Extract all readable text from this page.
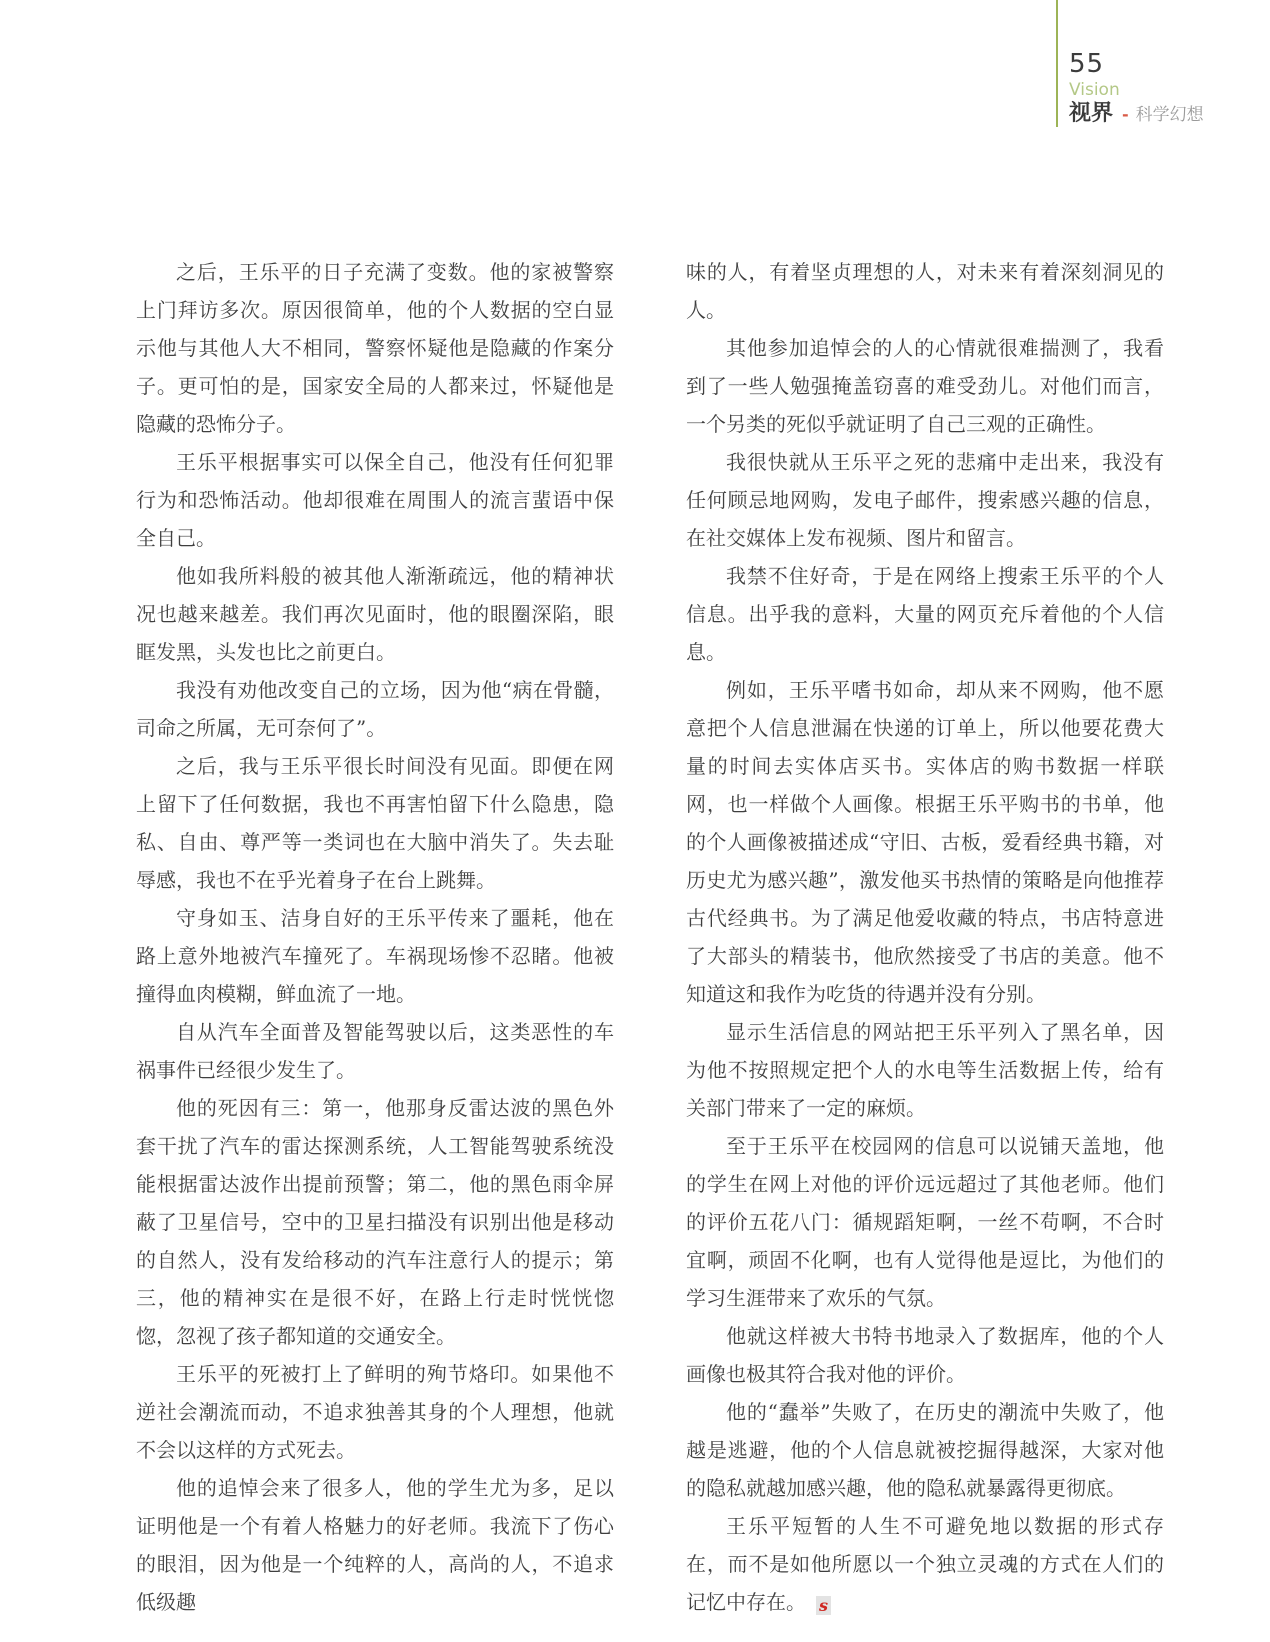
55
Vision
视界 - 科学幻想

之后，王乐平的日子充满了变数。他的家被警察上门拜访多次。原因很简单，他的个人数据的空白显示他与其他人大不相同，警察怀疑他是隐藏的作案分子。更可怕的是，国家安全局的人都来过，怀疑他是隐藏的恐怖分子。

王乐平根据事实可以保全自己，他没有任何犯罪行为和恐怖活动。他却很难在周围人的流言蜚语中保全自己。

他如我所料般的被其他人渐渐疏远，他的精神状况也越来越差。我们再次见面时，他的眼圈深陷，眼眶发黑，头发也比之前更白。

我没有劝他改变自己的立场，因为他“病在骨髓，司命之所属，无可奈何了”。

之后，我与王乐平很长时间没有见面。即便在网上留下了任何数据，我也不再害怕留下什么隐患，隐私、自由、尊严等一类词也在大脑中消失了。失去耻辱感，我也不在乎光着身子在台上跳舞。

守身如玉、洁身自好的王乐平传来了噩耗，他在路上意外地被汽车撞死了。车祸现场惨不忍睹。他被撞得血肉模糊，鲜血流了一地。

自从汽车全面普及智能驾驶以后，这类恶性的车祸事件已经很少发生了。

他的死因有三：第一，他那身反雷达波的黑色外套干扰了汽车的雷达探测系统，人工智能驾驶系统没能根据雷达波作出提前预警；第二，他的黑色雨伞屏蔽了卫星信号，空中的卫星扫描没有识别出他是移动的自然人，没有发给移动的汽车注意行人的提示；第三，他的精神实在是很不好，在路上行走时恍恍惚惚，忽视了孩子都知道的交通安全。

王乐平的死被打上了鲜明的殉节烙印。如果他不逆社会潮流而动，不追求独善其身的个人理想，他就不会以这样的方式死去。

他的追悼会来了很多人，他的学生尤为多，足以证明他是一个有着人格魅力的好老师。我流下了伤心的眼泪，因为他是一个纯粹的人，高尚的人，不追求低级趣

味的人，有着坚贞理想的人，对未来有着深刻洞见的人。

其他参加追悼会的人的心情就很难揣测了，我看到了一些人勉强掩盖窃喜的难受劲儿。对他们而言，一个另类的死似乎就证明了自己三观的正确性。

我很快就从王乐平之死的悲痛中走出来，我没有任何顾忌地网购，发电子邮件，搜索感兴趣的信息，在社交媒体上发布视频、图片和留言。

我禁不住好奇，于是在网络上搜索王乐平的个人信息。出乎我的意料，大量的网页充斥着他的个人信息。

例如，王乐平嗜书如命，却从来不网购，他不愿意把个人信息泄漏在快递的订单上，所以他要花费大量的时间去实体店买书。实体店的购书数据一样联网，也一样做个人画像。根据王乐平购书的书单，他的个人画像被描述成“守旧、古板，爱看经典书籍，对历史尤为感兴趣”，激发他买书热情的策略是向他推荐古代经典书。为了满足他爱收藏的特点，书店特意进了大部头的精装书，他欣然接受了书店的美意。他不知道这和我作为吃货的待遇并没有分别。

显示生活信息的网站把王乐平列入了黑名单，因为他不按照规定把个人的水电等生活数据上传，给有关部门带来了一定的麻烦。

至于王乐平在校园网的信息可以说铺天盖地，他的学生在网上对他的评价远远超过了其他老师。他们的评价五花八门：循规蹈矩啊，一丝不苟啊，不合时宜啊，顽固不化啊，也有人觉得他是逗比，为他们的学习生涯带来了欢乐的气氛。

他就这样被大书特书地录入了数据库，他的个人画像也极其符合我对他的评价。

他的“蠢举”失败了，在历史的潮流中失败了，他越是逃避，他的个人信息就被挖掘得越深，大家对他的隐私就越加感兴趣，他的隐私就暴露得更彻底。

王乐平短暂的人生不可避免地以数据的形式存在，而不是如他所愿以一个独立灵魂的方式在人们的记忆中存在。 s
